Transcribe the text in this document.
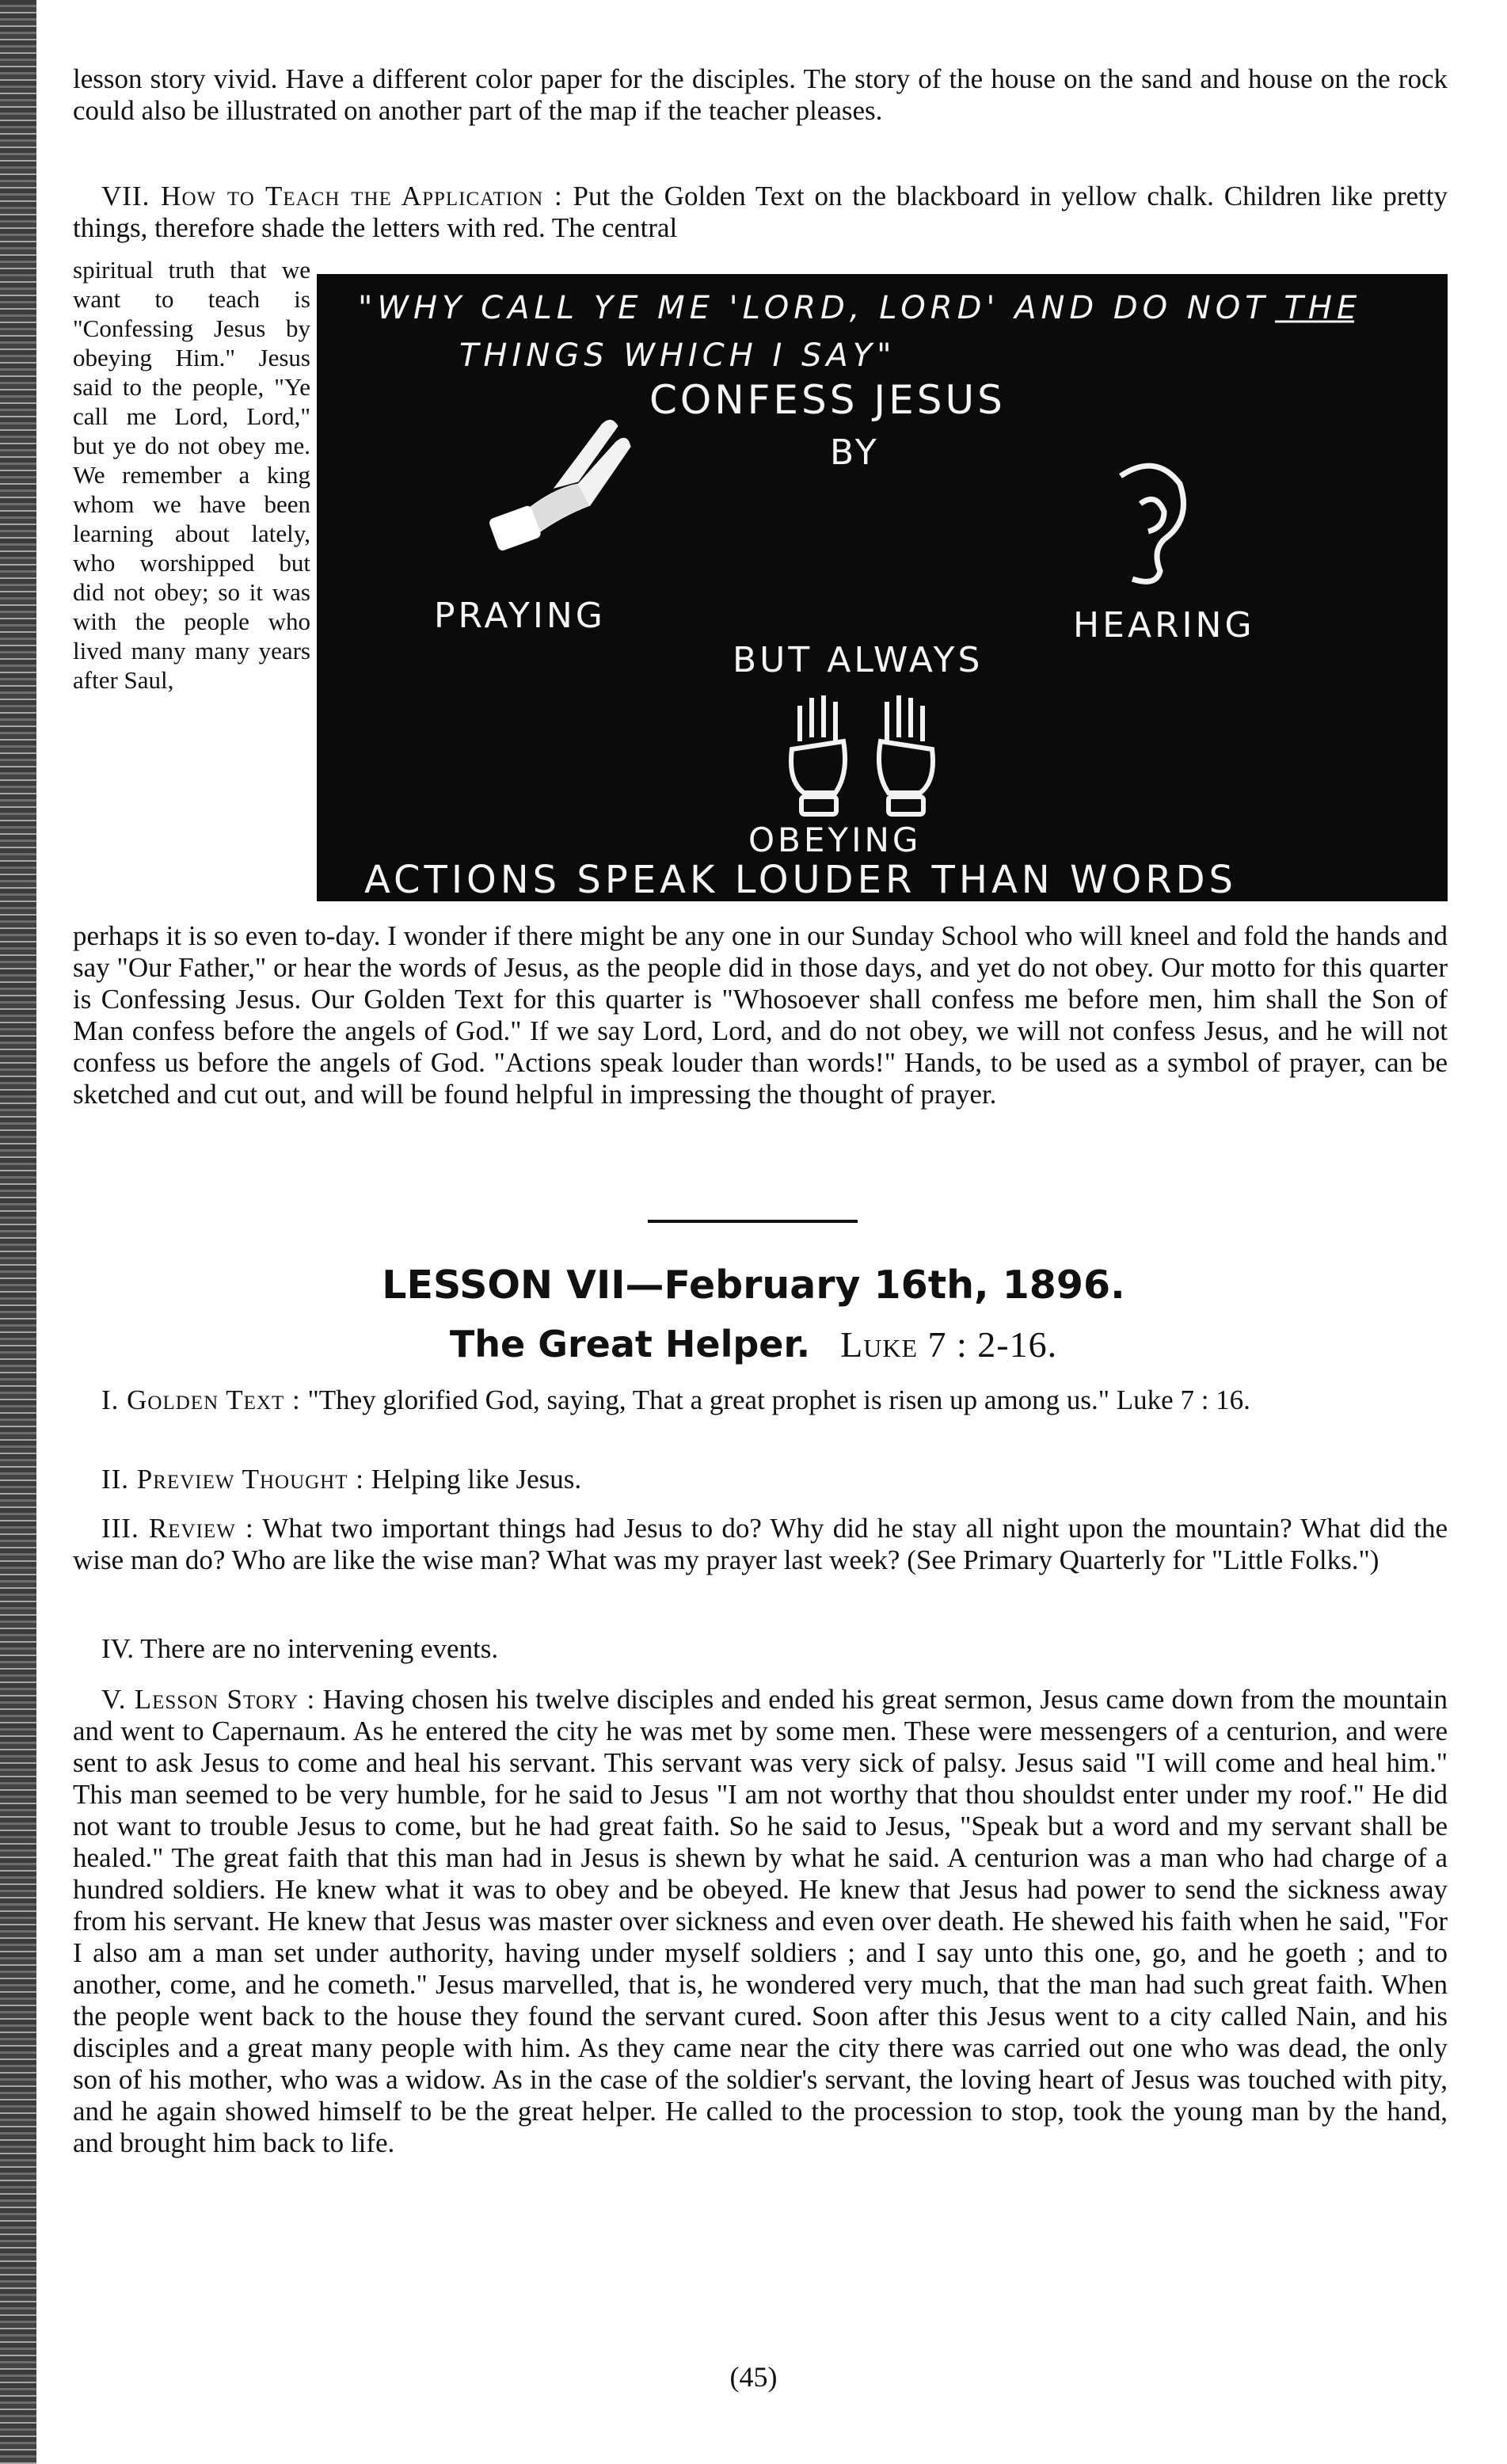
lesson story vivid. Have a different color paper for the disciples. The story of the house on the sand and house on the rock could also be illustrated on another part of the map if the teacher pleases.

VII. How to Teach the Application : Put the Golden Text on the blackboard in yellow chalk. Children like pretty things, therefore shade the letters with red. The central

spiritual truth that we want to teach is "Confessing Jesus by obeying Him." Jesus said to the people, "Ye call me Lord, Lord," but ye do not obey me. We remember a king whom we have been learning about lately, who worshipped but did not obey; so it was with the people who lived many many years after Saul,
"WHY CALL YE ME 'LORD, LORD' AND DO NOT THE
THINGS WHICH I SAY"
CONFESS JESUS
BY
PRAYING	HEARING
BUT ALWAYS
OBEYING
ACTIONS SPEAK LOUDER THAN WORDS

perhaps it is so even to-day. I wonder if there might be any one in our Sunday School who will kneel and fold the hands and say "Our Father," or hear the words of Jesus, as the people did in those days, and yet do not obey. Our motto for this quarter is Confessing Jesus. Our Golden Text for this quarter is "Whosoever shall confess me before men, him shall the Son of Man confess before the angels of God." If we say Lord, Lord, and do not obey, we will not confess Jesus, and he will not confess us before the angels of God. "Actions speak louder than words!" Hands, to be used as a symbol of prayer, can be sketched and cut out, and will be found helpful in impressing the thought of prayer.

LESSON VII—February 16th, 1896.
The Great Helper. Luke 7 : 2-16.

I. Golden Text : "They glorified God, saying, That a great prophet is risen up among us." Luke 7 : 16.

II. Preview Thought : Helping like Jesus.

III. Review : What two important things had Jesus to do? Why did he stay all night upon the mountain? What did the wise man do? Who are like the wise man? What was my prayer last week? (See Primary Quarterly for "Little Folks.")

IV. There are no intervening events.

V. Lesson Story : Having chosen his twelve disciples and ended his great sermon, Jesus came down from the mountain and went to Capernaum. As he entered the city he was met by some men. These were messengers of a centurion, and were sent to ask Jesus to come and heal his servant. This servant was very sick of palsy. Jesus said "I will come and heal him." This man seemed to be very humble, for he said to Jesus "I am not worthy that thou shouldst enter under my roof." He did not want to trouble Jesus to come, but he had great faith. So he said to Jesus, "Speak but a word and my servant shall be healed." The great faith that this man had in Jesus is shewn by what he said. A centurion was a man who had charge of a hundred soldiers. He knew what it was to obey and be obeyed. He knew that Jesus had power to send the sickness away from his servant. He knew that Jesus was master over sickness and even over death. He shewed his faith when he said, "For I also am a man set under authority, having under myself soldiers ; and I say unto this one, go, and he goeth ; and to another, come, and he cometh." Jesus marvelled, that is, he wondered very much, that the man had such great faith. When the people went back to the house they found the servant cured. Soon after this Jesus went to a city called Nain, and his disciples and a great many people with him. As they came near the city there was carried out one who was dead, the only son of his mother, who was a widow. As in the case of the soldier's servant, the loving heart of Jesus was touched with pity, and he again showed himself to be the great helper. He called to the procession to stop, took the young man by the hand, and brought him back to life.

(45)
